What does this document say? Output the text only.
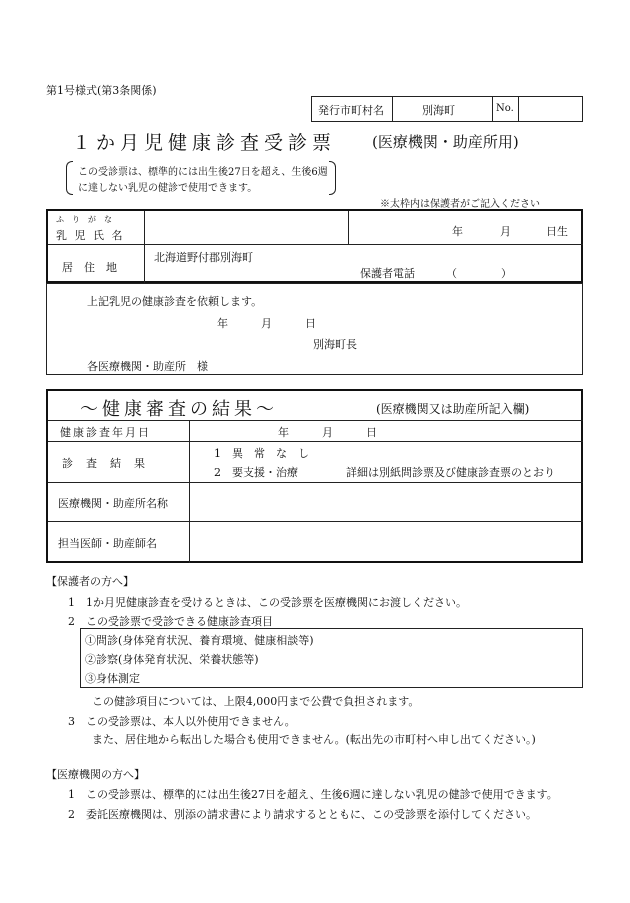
第1号様式(第3条関係)
発行市町村名	別海町	No.
１か月児健康診査受診票 (医療機関・助産所用)
この受診票は、標準的には出生後27日を超え、生後6週
に達しない乳児の健診で使用できます。
※太枠内は保護者がご記入ください
ふ　り　が　な
乳 児 氏 名	年	月	日生
居　住　地
北海道野付郡別海町
保護者電話	（　　　　）
上記乳児の健康診査を依頼します。
年　　　月　　　日
別海町長
各医療機関・助産所　様
～健康審査の結果～	(医療機関又は助産所記入欄)
健康診査年月日	年　　　月　　　日
診　査　結　果
1　異　常　な　し
2　要支援・治療	詳細は別紙問診票及び健康診査票のとおり
医療機関・助産所名称
担当医師・助産師名
【保護者の方へ】
1　1か月児健康診査を受けるときは、この受診票を医療機関にお渡しください。
2　この受診票で受診できる健康診査項目
①問診(身体発育状況、養育環境、健康相談等)
②診察(身体発育状況、栄養状態等)
③身体測定
この健診項目については、上限4,000円まで公費で負担されます。
3　この受診票は、本人以外使用できません。
また、居住地から転出した場合も使用できません。(転出先の市町村へ申し出てください。)
【医療機関の方へ】
1　この受診票は、標準的には出生後27日を超え、生後6週に達しない乳児の健診で使用できます。
2　委託医療機関は、別添の請求書により請求するとともに、この受診票を添付してください。
